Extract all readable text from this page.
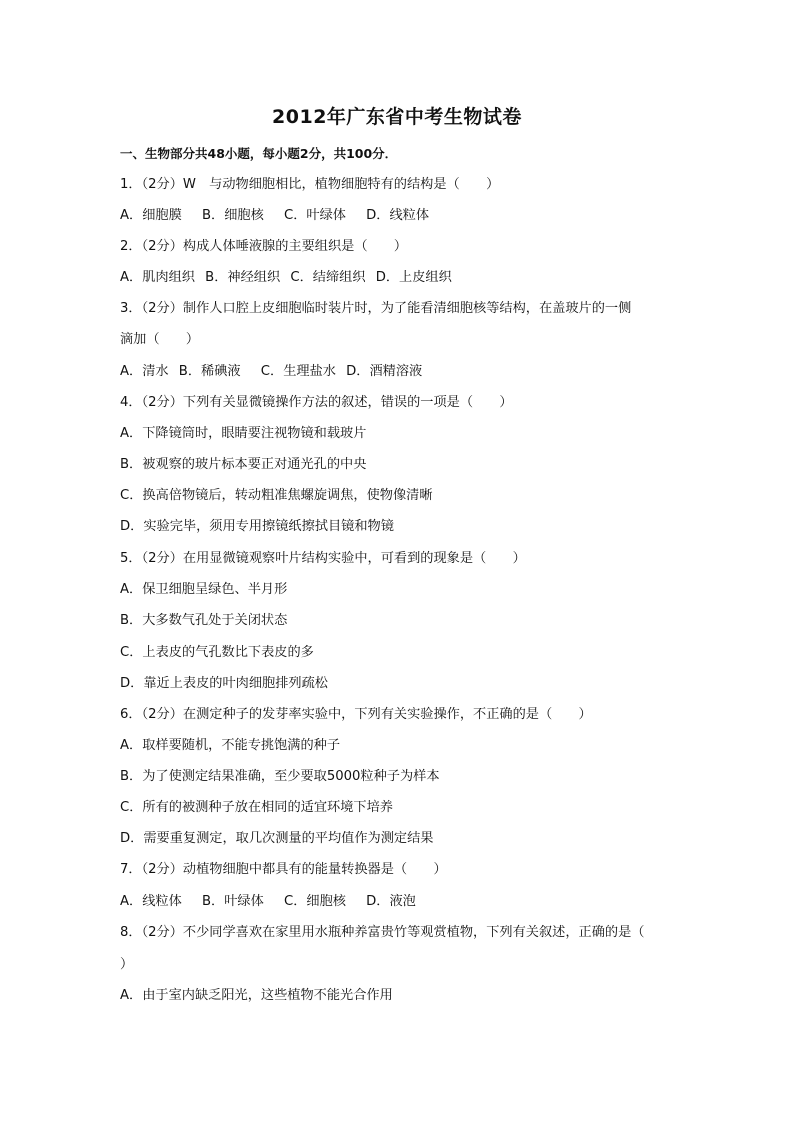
2012年广东省中考生物试卷
一、生物部分共48小题，每小题2分，共100分．
1．（2分）W　与动物细胞相比，植物细胞特有的结构是（　　）
A．细胞膜 B．细胞核 C．叶绿体 D．线粒体
2．（2分）构成人体唾液腺的主要组织是（　　）
A．肌肉组织 B．神经组织 C．结缔组织 D．上皮组织
3．（2分）制作人口腔上皮细胞临时装片时，为了能看清细胞核等结构，在盖玻片的一侧
滴加（　　）
A．清水 B．稀碘液 C．生理盐水 D．酒精溶液
4．（2分）下列有关显微镜操作方法的叙述，错误的一项是（　　）
A．下降镜筒时，眼睛要注视物镜和载玻片
B．被观察的玻片标本要正对通光孔的中央
C．换高倍物镜后，转动粗准焦螺旋调焦，使物像清晰
D．实验完毕，须用专用擦镜纸擦拭目镜和物镜
5．（2分）在用显微镜观察叶片结构实验中，可看到的现象是（　　）
A．保卫细胞呈绿色、半月形
B．大多数气孔处于关闭状态
C．上表皮的气孔数比下表皮的多
D．靠近上表皮的叶肉细胞排列疏松
6．（2分）在测定种子的发芽率实验中，下列有关实验操作，不正确的是（　　）
A．取样要随机，不能专挑饱满的种子
B．为了使测定结果准确，至少要取5000粒种子为样本
C．所有的被测种子放在相同的适宜环境下培养
D．需要重复测定，取几次测量的平均值作为测定结果
7．（2分）动植物细胞中都具有的能量转换器是（　　）
A．线粒体 B．叶绿体 C．细胞核 D．液泡
8．（2分）不少同学喜欢在家里用水瓶种养富贵竹等观赏植物，下列有关叙述，正确的是（
）
A．由于室内缺乏阳光，这些植物不能光合作用
